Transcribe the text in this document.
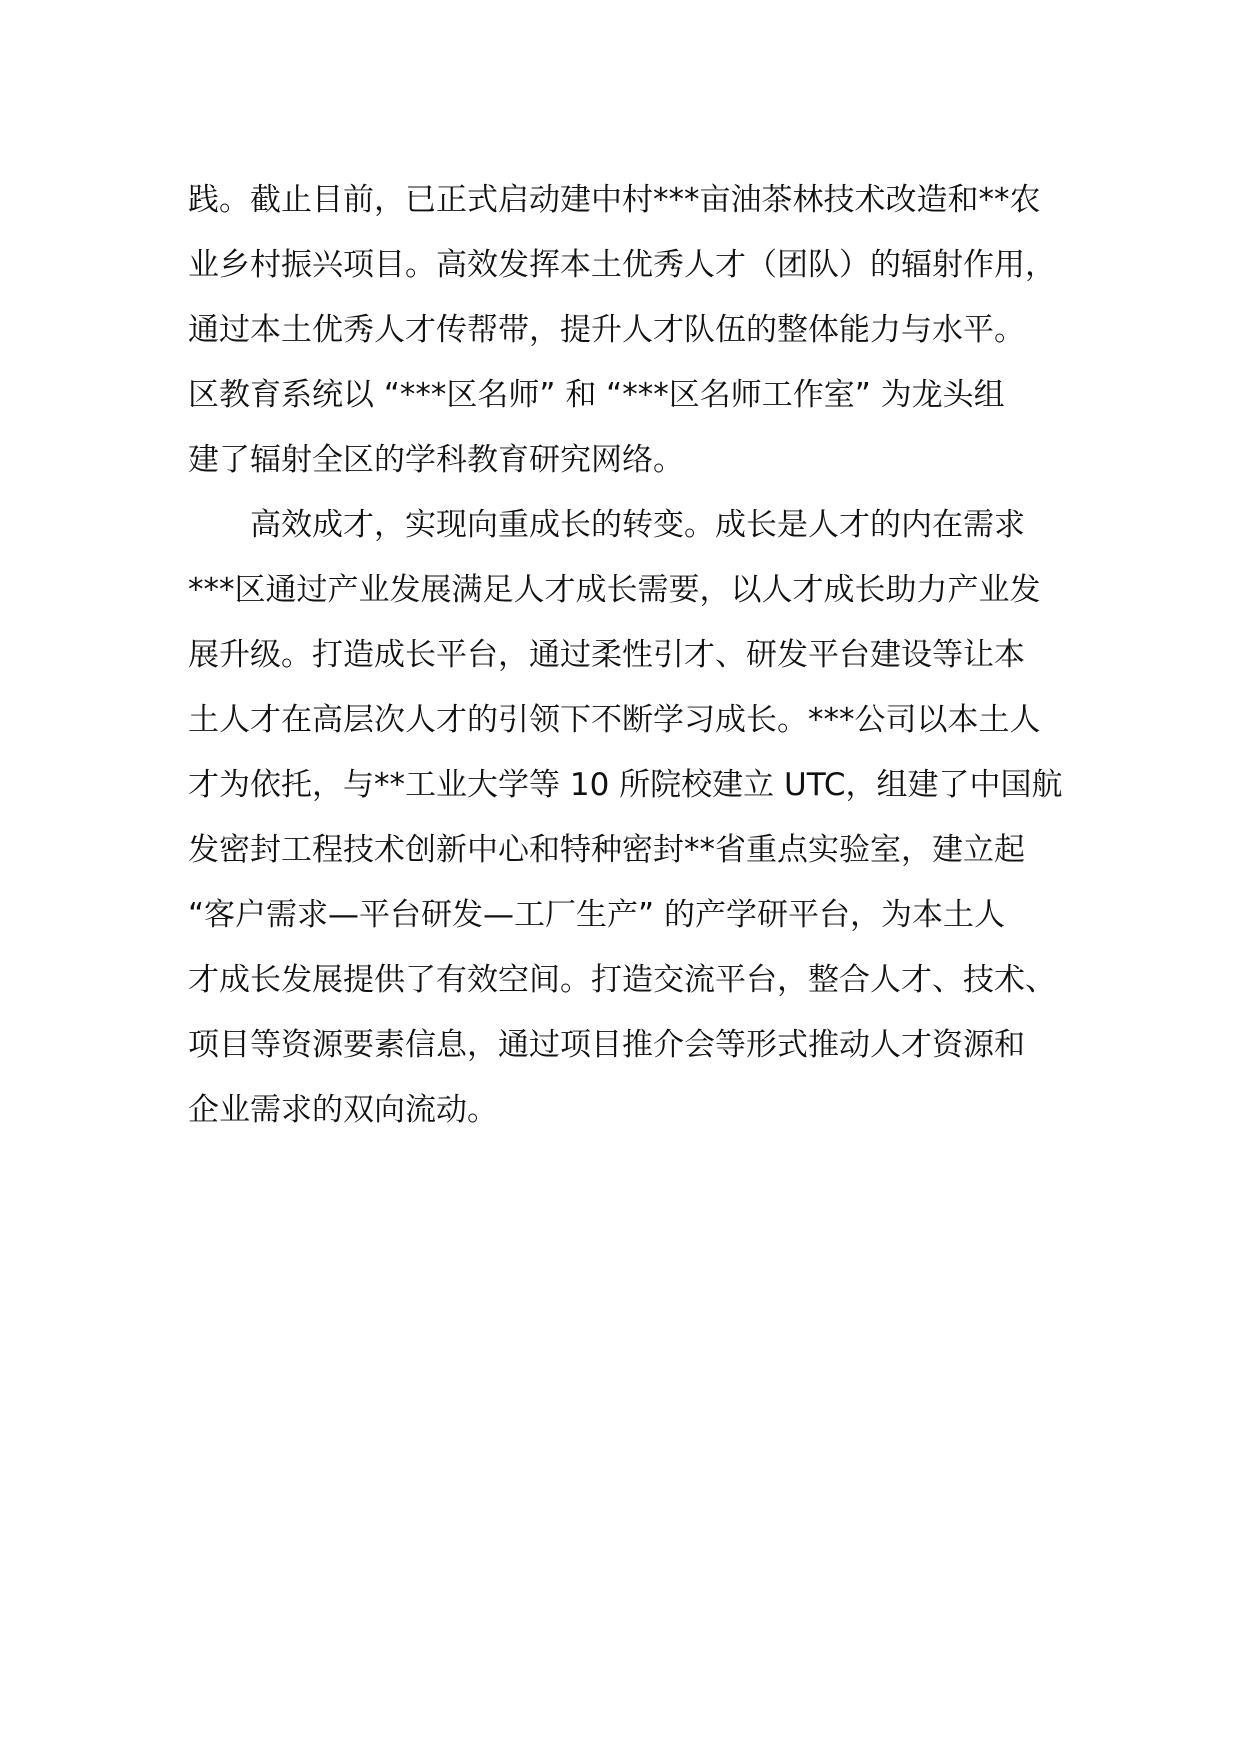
践。截止目前，已正式启动建中村***亩油茶林技术改造和**农
业乡村振兴项目。高效发挥本土优秀人才（团队）的辐射作用，
通过本土优秀人才传帮带，提升人才队伍的整体能力与水平。
区教育系统以 “***区名师” 和 “***区名师工作室” 为龙头组
建了辐射全区的学科教育研究网络。
高效成才，实现向重成长的转变。成长是人才的内在需求
***区通过产业发展满足人才成长需要，以人才成长助力产业发
展升级。打造成长平台，通过柔性引才、研发平台建设等让本
土人才在高层次人才的引领下不断学习成长。***公司以本土人
才为依托，与**工业大学等 10 所院校建立 UTC，组建了中国航
发密封工程技术创新中心和特种密封**省重点实验室，建立起
“客户需求—平台研发—工厂生产” 的产学研平台，为本土人
才成长发展提供了有效空间。打造交流平台，整合人才、技术、
项目等资源要素信息，通过项目推介会等形式推动人才资源和
企业需求的双向流动。
